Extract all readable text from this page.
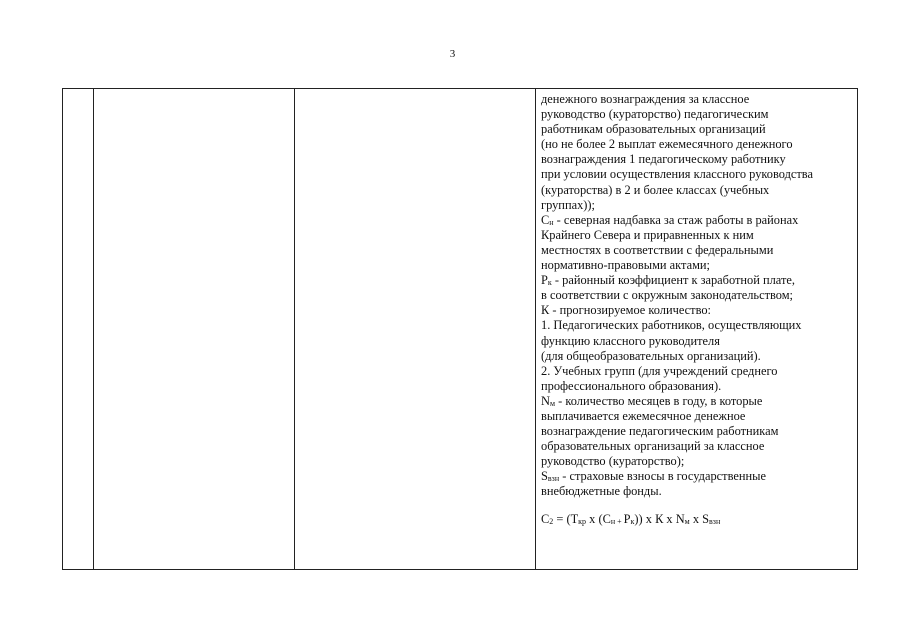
3

денежного вознаграждения за классное
руководство (кураторство) педагогическим
работникам образовательных организаций
(но не более 2 выплат ежемесячного денежного
вознаграждения 1 педагогическому работнику
при условии осуществления классного руководства
(кураторства) в 2 и более классах (учебных
группах));
$С_н$ - северная надбавка за стаж работы в районах
Крайнего Севера и приравненных к ним
местностях в соответствии с федеральными
нормативно-правовыми актами;
$Р_к$ - районный коэффициент к заработной плате,
в соответствии с окружным законодательством;
К - прогнозируемое количество:
1. Педагогических работников, осуществляющих
функцию классного руководителя
(для общеобразовательных организаций).
2. Учебных групп (для учреждений среднего
профессионального образования).
$N_м$ - количество месяцев в году, в которые
выплачивается ежемесячное денежное
вознаграждение педагогическим работникам
образовательных организаций за классное
руководство (кураторство);
$S_{взн}$ - страховые взносы в государственные
внебюджетные фонды.
$С_2 = (Т_{кр}$ х ($С_{н +}$ $Р_к$)) х К х $N_м$ х $S_{взн}$
